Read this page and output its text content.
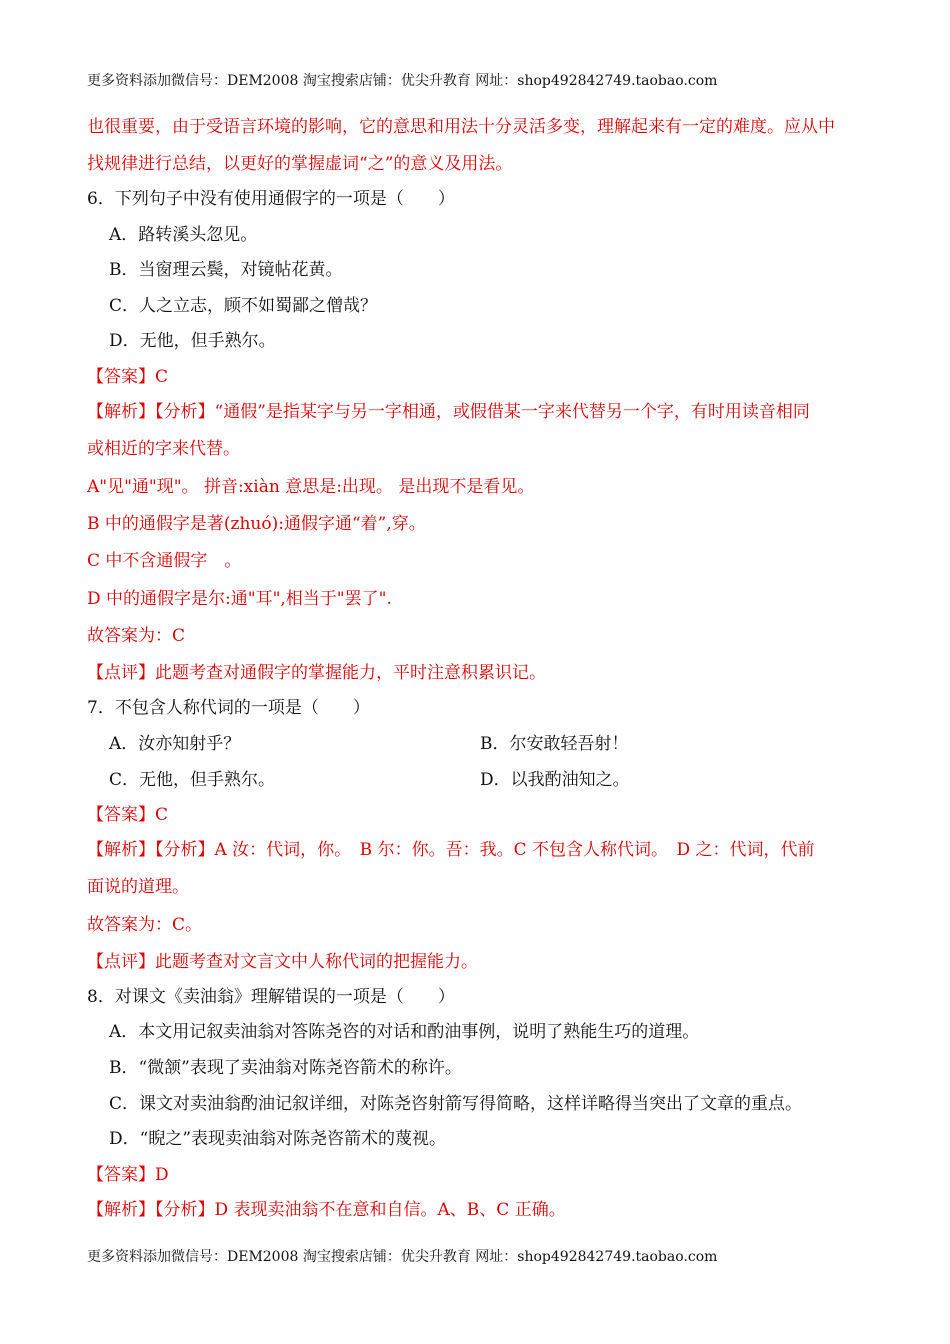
更多资料添加微信号：DEM2008 淘宝搜索店铺：优尖升教育 网址：shop492842749.taobao.com
也很重要，由于受语言环境的影响，它的意思和用法十分灵活多变，理解起来有一定的难度。应从中
找规律进行总结，以更好的掌握虚词“之”的意义及用法。
6．下列句子中没有使用通假字的一项是（　　）
A．路转溪头忽见。
B．当窗理云鬓，对镜帖花黄。
C．人之立志，顾不如蜀鄙之僧哉？
D．无他，但手熟尔。
【答案】C
【解析】【分析】“通假”是指某字与另一字相通，或假借某一字来代替另一个字，有时用读音相同
或相近的字来代替。
A"见"通"现"。 拼音:xiàn 意思是:出现。 是出现不是看见。
B 中的通假字是著(zhuó):通假字通“着”,穿。
C 中不含通假字　。
D 中的通假字是尔:通"耳",相当于"罢了".
故答案为：C
【点评】此题考查对通假字的掌握能力，平时注意积累识记。
7．不包含人称代词的一项是（　　）
A．汝亦知射乎？	B．尔安敢轻吾射！
C．无他，但手熟尔。	D．以我酌油知之。
【答案】C
【解析】【分析】A 汝：代词，你。　B 尔：你。吾：我。C 不包含人称代词。　D 之：代词，代前
面说的道理。
故答案为：C。
【点评】此题考查对文言文中人称代词的把握能力。
8．对课文《卖油翁》理解错误的一项是（　　）
A．本文用记叙卖油翁对答陈尧咨的对话和酌油事例，说明了熟能生巧的道理。
B．“微颔”表现了卖油翁对陈尧咨箭术的称许。
C．课文对卖油翁酌油记叙详细，对陈尧咨射箭写得简略，这样详略得当突出了文章的重点。
D．“睨之”表现卖油翁对陈尧咨箭术的蔑视。
【答案】D
【解析】【分析】D 表现卖油翁不在意和自信。A、B、C 正确。
更多资料添加微信号：DEM2008 淘宝搜索店铺：优尖升教育 网址：shop492842749.taobao.com
